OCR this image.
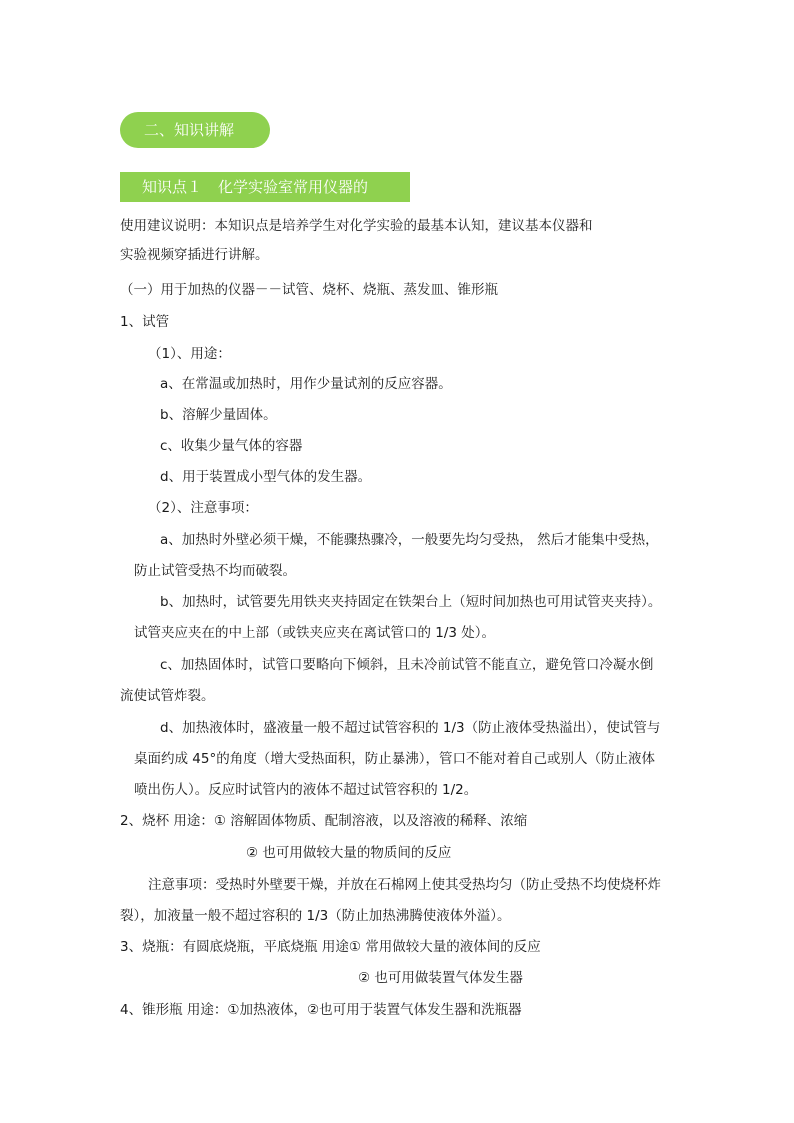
二、知识讲解
知识点１ 化学实验室常用仪器的
使用建议说明：本知识点是培养学生对化学实验的最基本认知，建议基本仪器和
实验视频穿插进行讲解。
（一）用于加热的仪器－－试管、烧杯、烧瓶、蒸发皿、锥形瓶
1、试管
（1）、用途：
a、在常温或加热时，用作少量试剂的反应容器。
b、溶解少量固体。
c、收集少量气体的容器
d、用于装置成小型气体的发生器。
（2）、注意事项：
a、加热时外壁必须干燥，不能骤热骤冷，一般要先均匀受热， 然后才能集中受热，
防止试管受热不均而破裂。
b、加热时，试管要先用铁夹夹持固定在铁架台上（短时间加热也可用试管夹夹持）。
试管夹应夹在的中上部（或铁夹应夹在离试管口的 1/3 处）。
c、加热固体时，试管口要略向下倾斜，且未冷前试管不能直立，避免管口冷凝水倒
流使试管炸裂。
d、加热液体时，盛液量一般不超过试管容积的 1/3（防止液体受热溢出），使试管与
桌面约成 45°的角度（增大受热面积，防止暴沸），管口不能对着自己或别人（防止液体
喷出伤人）。反应时试管内的液体不超过试管容积的 1/2。
2、烧杯 用途：① 溶解固体物质、配制溶液，以及溶液的稀释、浓缩
② 也可用做较大量的物质间的反应
注意事项：受热时外壁要干燥，并放在石棉网上使其受热均匀（防止受热不均使烧杯炸
裂），加液量一般不超过容积的 1/3（防止加热沸腾使液体外溢）。
3、烧瓶：有圆底烧瓶，平底烧瓶 用途① 常用做较大量的液体间的反应
② 也可用做装置气体发生器
4、锥形瓶 用途：①加热液体，②也可用于装置气体发生器和洗瓶器
